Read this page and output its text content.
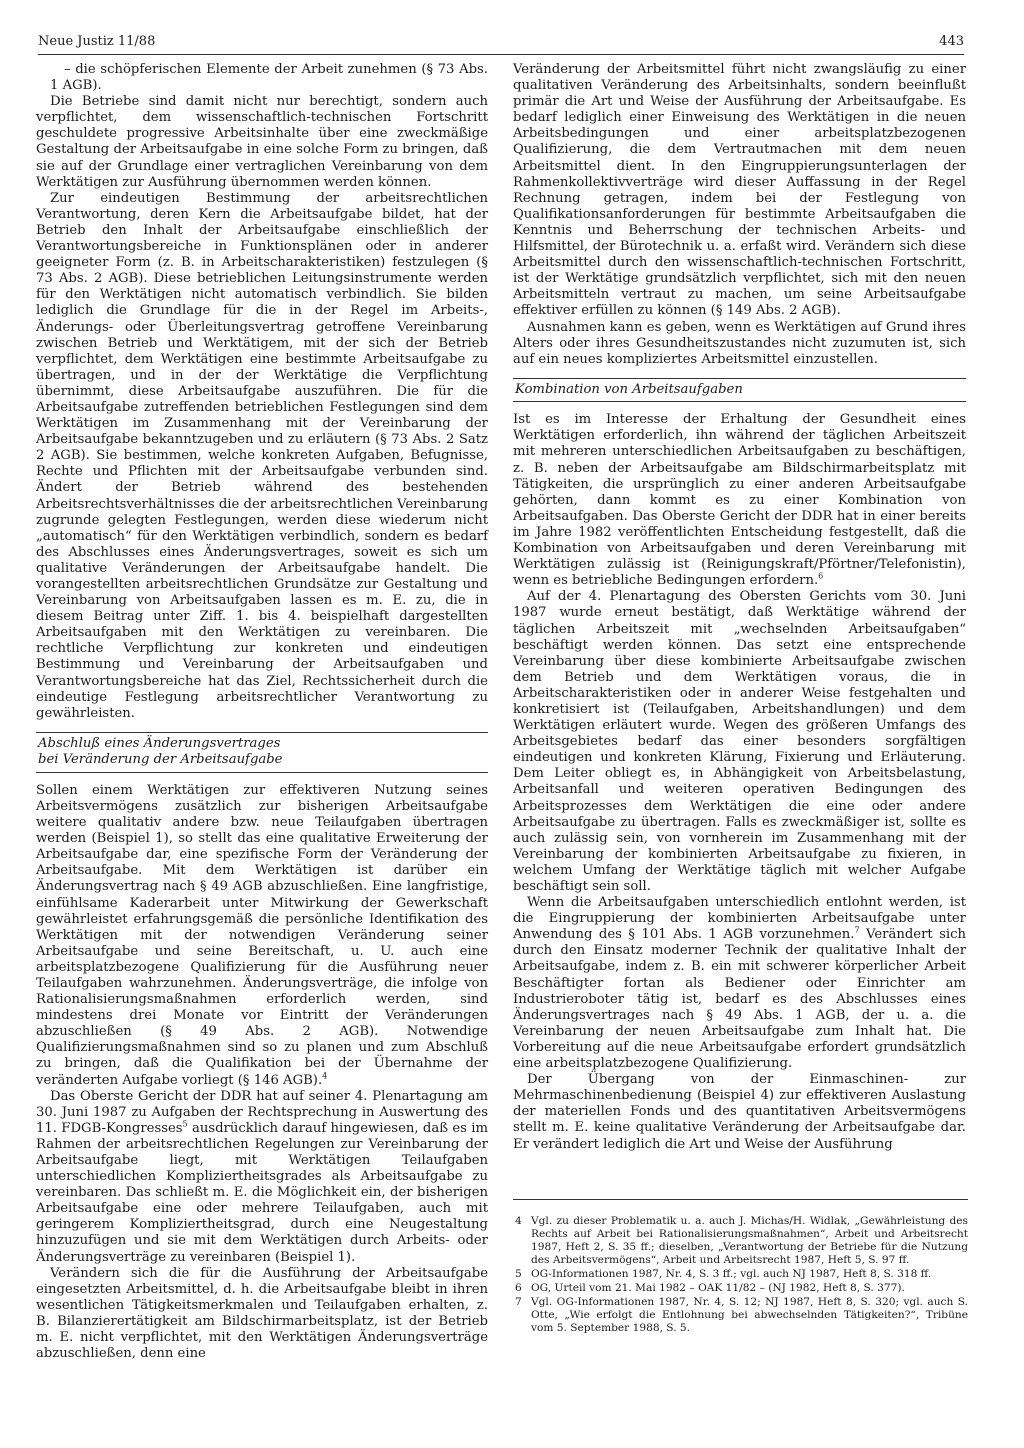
Neue Justiz 11/88	443

– die schöpferischen Elemente der Arbeit zunehmen (§ 73 Abs. 1 AGB).

Die Betriebe sind damit nicht nur berechtigt, sondern auch verpflichtet, dem wissenschaftlich-technischen Fortschritt geschuldete progressive Arbeitsinhalte über eine zweckmäßige Gestaltung der Arbeitsaufgabe in eine solche Form zu bringen, daß sie auf der Grundlage einer vertraglichen Vereinbarung von dem Werktätigen zur Ausführung übernommen werden können.

Zur eindeutigen Bestimmung der arbeitsrechtlichen Verantwortung, deren Kern die Arbeitsaufgabe bildet, hat der Betrieb den Inhalt der Arbeitsaufgabe einschließlich der Verantwortungsbereiche in Funktionsplänen oder in anderer geeigneter Form (z. B. in Arbeitscharakteristiken) festzulegen (§ 73 Abs. 2 AGB). Diese betrieblichen Leitungsinstrumente werden für den Werktätigen nicht automatisch verbindlich. Sie bilden lediglich die Grundlage für die in der Regel im Arbeits-, Änderungs- oder Überleitungsvertrag getroffene Vereinbarung zwischen Betrieb und Werktätigem, mit der sich der Betrieb verpflichtet, dem Werktätigen eine bestimmte Arbeitsaufgabe zu übertragen, und in der der Werktätige die Verpflichtung übernimmt, diese Arbeitsaufgabe auszuführen. Die für die Arbeitsaufgabe zutreffenden betrieblichen Festlegungen sind dem Werktätigen im Zusammenhang mit der Vereinbarung der Arbeitsaufgabe bekanntzugeben und zu erläutern (§ 73 Abs. 2 Satz 2 AGB). Sie bestimmen, welche konkreten Aufgaben, Befugnisse, Rechte und Pflichten mit der Arbeitsaufgabe verbunden sind. Ändert der Betrieb während des bestehenden Arbeitsrechtsverhältnisses die der arbeitsrechtlichen Vereinbarung zugrunde gelegten Festlegungen, werden diese wiederum nicht „automatisch“ für den Werktätigen verbindlich, sondern es bedarf des Abschlusses eines Änderungsvertrages, soweit es sich um qualitative Veränderungen der Arbeitsaufgabe handelt. Die vorangestellten arbeitsrechtlichen Grundsätze zur Gestaltung und Vereinbarung von Arbeitsaufgaben lassen es m. E. zu, die in diesem Beitrag unter Ziff. 1. bis 4. beispielhaft dargestellten Arbeitsaufgaben mit den Werktätigen zu vereinbaren. Die rechtliche Verpflichtung zur konkreten und eindeutigen Bestimmung und Vereinbarung der Arbeitsaufgaben und Verantwortungsbereiche hat das Ziel, Rechtssicherheit durch die eindeutige Festlegung arbeitsrechtlicher Verantwortung zu gewährleisten.

Abschluß eines Änderungsvertrages
bei Veränderung der Arbeitsaufgabe

Sollen einem Werktätigen zur effektiveren Nutzung seines Arbeitsvermögens zusätzlich zur bisherigen Arbeitsaufgabe weitere qualitativ andere bzw. neue Teilaufgaben übertragen werden (Beispiel 1), so stellt das eine qualitative Erweiterung der Arbeitsaufgabe dar, eine spezifische Form der Veränderung der Arbeitsaufgabe. Mit dem Werktätigen ist darüber ein Änderungsvertrag nach § 49 AGB abzuschließen. Eine langfristige, einfühlsame Kaderarbeit unter Mitwirkung der Gewerkschaft gewährleistet erfahrungsgemäß die persönliche Identifikation des Werktätigen mit der notwendigen Veränderung seiner Arbeitsaufgabe und seine Bereitschaft, u. U. auch eine arbeitsplatzbezogene Qualifizierung für die Ausführung neuer Teilaufgaben wahrzunehmen. Änderungsverträge, die infolge von Rationalisierungsmaßnahmen erforderlich werden, sind mindestens drei Monate vor Eintritt der Veränderungen abzuschließen (§ 49 Abs. 2 AGB). Notwendige Qualifizierungsmaßnahmen sind so zu planen und zum Abschluß zu bringen, daß die Qualifikation bei der Übernahme der veränderten Aufgabe vorliegt (§ 146 AGB).$^4$

Das Oberste Gericht der DDR hat auf seiner 4. Plenartagung am 30. Juni 1987 zu Aufgaben der Rechtsprechung in Auswertung des 11. FDGB-Kongresses$^5$ ausdrücklich darauf hingewiesen, daß es im Rahmen der arbeitsrechtlichen Regelungen zur Vereinbarung der Arbeitsaufgabe liegt, mit Werktätigen Teilaufgaben unterschiedlichen Kompliziertheitsgrades als Arbeitsaufgabe zu vereinbaren. Das schließt m. E. die Möglichkeit ein, der bisherigen Arbeitsaufgabe eine oder mehrere Teilaufgaben, auch mit geringerem Kompliziertheitsgrad, durch eine Neugestaltung hinzuzufügen und sie mit dem Werktätigen durch Arbeits- oder Änderungsverträge zu vereinbaren (Beispiel 1).

Verändern sich die für die Ausführung der Arbeitsaufgabe eingesetzten Arbeitsmittel, d. h. die Arbeitsaufgabe bleibt in ihren wesentlichen Tätigkeitsmerkmalen und Teilaufgaben erhalten, z. B. Bilanzierertätigkeit am Bildschirmarbeitsplatz, ist der Betrieb m. E. nicht verpflichtet, mit den Werktätigen Änderungsverträge abzuschließen, denn eine

Veränderung der Arbeitsmittel führt nicht zwangsläufig zu einer qualitativen Veränderung des Arbeitsinhalts, sondern beeinflußt primär die Art und Weise der Ausführung der Arbeitsaufgabe. Es bedarf lediglich einer Einweisung des Werktätigen in die neuen Arbeitsbedingungen und einer arbeitsplatzbezogenen Qualifizierung, die dem Vertrautmachen mit dem neuen Arbeitsmittel dient. In den Eingruppierungsunterlagen der Rahmenkollektivverträge wird dieser Auffassung in der Regel Rechnung getragen, indem bei der Festlegung von Qualifikationsanforderungen für bestimmte Arbeitsaufgaben die Kenntnis und Beherrschung der technischen Arbeits- und Hilfsmittel, der Bürotechnik u. a. erfaßt wird. Verändern sich diese Arbeitsmittel durch den wissenschaftlich-technischen Fortschritt, ist der Werktätige grundsätzlich verpflichtet, sich mit den neuen Arbeitsmitteln vertraut zu machen, um seine Arbeitsaufgabe effektiver erfüllen zu können (§ 149 Abs. 2 AGB).

Ausnahmen kann es geben, wenn es Werktätigen auf Grund ihres Alters oder ihres Gesundheitszustandes nicht zuzumuten ist, sich auf ein neues kompliziertes Arbeitsmittel einzustellen.

Kombination von Arbeitsaufgaben

Ist es im Interesse der Erhaltung der Gesundheit eines Werktätigen erforderlich, ihn während der täglichen Arbeitszeit mit mehreren unterschiedlichen Arbeitsaufgaben zu beschäftigen, z. B. neben der Arbeitsaufgabe am Bildschirmarbeitsplatz mit Tätigkeiten, die ursprünglich zu einer anderen Arbeitsaufgabe gehörten, dann kommt es zu einer Kombination von Arbeitsaufgaben. Das Oberste Gericht der DDR hat in einer bereits im Jahre 1982 veröffentlichten Entscheidung festgestellt, daß die Kombination von Arbeitsaufgaben und deren Vereinbarung mit Werktätigen zulässig ist (Reinigungskraft/Pförtner/Telefonistin), wenn es betriebliche Bedingungen erfordern.$^6$

Auf der 4. Plenartagung des Obersten Gerichts vom 30. Juni 1987 wurde erneut bestätigt, daß Werktätige während der täglichen Arbeitszeit mit „wechselnden Arbeitsaufgaben“ beschäftigt werden können. Das setzt eine entsprechende Vereinbarung über diese kombinierte Arbeitsaufgabe zwischen dem Betrieb und dem Werktätigen voraus, die in Arbeitscharakteristiken oder in anderer Weise festgehalten und konkretisiert ist (Teilaufgaben, Arbeitshandlungen) und dem Werktätigen erläutert wurde. Wegen des größeren Umfangs des Arbeitsgebietes bedarf das einer besonders sorgfältigen eindeutigen und konkreten Klärung, Fixierung und Erläuterung. Dem Leiter obliegt es, in Abhängigkeit von Arbeitsbelastung, Arbeitsanfall und weiteren operativen Bedingungen des Arbeitsprozesses dem Werktätigen die eine oder andere Arbeitsaufgabe zu übertragen. Falls es zweckmäßiger ist, sollte es auch zulässig sein, von vornherein im Zusammenhang mit der Vereinbarung der kombinierten Arbeitsaufgabe zu fixieren, in welchem Umfang der Werktätige täglich mit welcher Aufgabe beschäftigt sein soll.

Wenn die Arbeitsaufgaben unterschiedlich entlohnt werden, ist die Eingruppierung der kombinierten Arbeitsaufgabe unter Anwendung des § 101 Abs. 1 AGB vorzunehmen.$^7$ Verändert sich durch den Einsatz moderner Technik der qualitative Inhalt der Arbeitsaufgabe, indem z. B. ein mit schwerer körperlicher Arbeit Beschäftigter fortan als Bediener oder Einrichter am Industrieroboter tätig ist, bedarf es des Abschlusses eines Änderungsvertrages nach § 49 Abs. 1 AGB, der u. a. die Vereinbarung der neuen Arbeitsaufgabe zum Inhalt hat. Die Vorbereitung auf die neue Arbeitsaufgabe erfordert grundsätzlich eine arbeitsplatzbezogene Qualifizierung.

Der Übergang von der Einmaschinen- zur Mehrmaschinenbedienung (Beispiel 4) zur effektiveren Auslastung der materiellen Fonds und des quantitativen Arbeitsvermögens stellt m. E. keine qualitative Veränderung der Arbeitsaufgabe dar. Er verändert lediglich die Art und Weise der Ausführung

4 Vgl. zu dieser Problematik u. a. auch J. Michas/H. Widlak, „Gewährleistung des Rechts auf Arbeit bei Rationalisierungsmaßnahmen“, Arbeit und Arbeitsrecht 1987, Heft 2, S. 35 ff.; dieselben, „Verantwortung der Betriebe für die Nutzung des Arbeitsvermögens“, Arbeit und Arbeitsrecht 1987, Heft 5, S. 97 ff.
5 OG-Informationen 1987, Nr. 4, S. 3 ff.; vgl. auch NJ 1987, Heft 8, S. 318 ff.
6 OG, Urteil vom 21. Mai 1982 – OAK 11/82 – (NJ 1982, Heft 8, S. 377).
7 Vgl. OG-Informationen 1987, Nr. 4, S. 12; NJ 1987, Heft 8, S. 320; vgl. auch S. Otte, „Wie erfolgt die Entlohnung bei abwechselnden Tätigkeiten?“, Tribüne vom 5. September 1988, S. 5.
